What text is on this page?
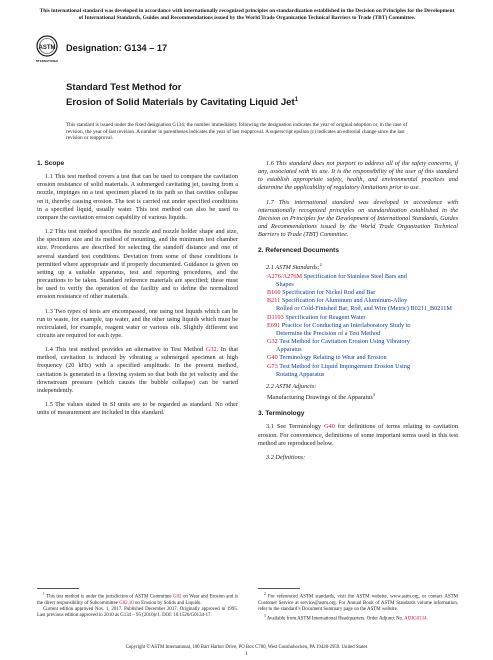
This international standard was developed in accordance with internationally recognized principles on standardization established in the Decision on Principles for the Development of International Standards, Guides and Recommendations issued by the World Trade Organization Technical Barriers to Trade (TBT) Committee.
ASTM
INTERNATIONAL
Designation: G134 – 17
Standard Test Method for
Erosion of Solid Materials by Cavitating Liquid Jet$^1$
This standard is issued under the fixed designation G134; the number immediately following the designation indicates the year of original adoption or, in the case of revision, the year of last revision. A number in parentheses indicates the year of last reapproval. A superscript epsilon (ε) indicates an editorial change since the last revision or reapproval.
1. Scope

1.1 This test method covers a test that can be used to compare the cavitation erosion resistance of solid materials. A submerged cavitating jet, issuing from a nozzle, impinges on a test specimen placed in its path so that cavities collapse on it, thereby causing erosion. The test is carried out under specified conditions in a specified liquid, usually water. This test method can also be used to compare the cavitation erosion capability of various liquids.

1.2 This test method specifies the nozzle and nozzle holder shape and size, the specimen size and its method of mounting, and the minimum test chamber size. Procedures are described for selecting the standoff distance and one of several standard test conditions. Deviation from some of these conditions is permitted where appropriate and if properly documented. Guidance is given on setting up a suitable apparatus, test and reporting procedures, and the precautions to be taken. Standard reference materials are specified; these must be used to verify the operation of the facility and to define the normalized erosion resistance of other materials.

1.3 Two types of tests are encompassed, one using test liquids which can be run to waste, for example, tap water, and the other using liquids which must be recirculated, for example, reagent water or various oils. Slightly different test circuits are required for each type.

1.4 This test method provides an alternative to Test Method G32. In that method, cavitation is induced by vibrating a submerged specimen at high frequency (20 kHz) with a specified amplitude. In the present method, cavitation is generated in a flowing system so that both the jet velocity and the downstream pressure (which causes the bubble collapse) can be varied independently.

1.5 The values stated in SI units are to be regarded as standard. No other units of measurement are included in this standard.

1.6 This standard does not purport to address all of the safety concerns, if any, associated with its use. It is the responsibility of the user of this standard to establish appropriate safety, health, and environmental practices and determine the applicability of regulatory limitations prior to use.

1.7 This international standard was developed in accordance with internationally recognized principles on standardization established in the Decision on Principles for the Development of International Standards, Guides and Recommendations issued by the World Trade Organization Technical Barriers to Trade (TBT) Committee.

2. Referenced Documents

2.1 ASTM Standards:$^2$

A276/A276M Specification for Stainless Steel Bars and
Shapes

B160 Specification for Nickel Rod and Bar

B211 Specification for Aluminum and Aluminum-Alloy
Rolled or Cold-Finished Bar, Rod, and Wire (Metric) B0211_B0211M

D1193 Specification for Reagent Water

E691 Practice for Conducting an Interlaboratory Study to
Determine the Precision of a Test Method

G32 Test Method for Cavitation Erosion Using Vibratory
Apparatus

G40 Terminology Relating to Wear and Erosion

G73 Test Method for Liquid Impingement Erosion Using
Rotating Apparatus

2.2 ASTM Adjuncts:

Manufacturing Drawings of the Apparatus$^3$

3. Terminology

3.1 See Terminology G40 for definitions of terms relating to cavitation erosion. For convenience, definitions of some important terms used in this test method are reproduced below.

3.2 Definitions:

$^1$ This test method is under the jurisdiction of ASTM Committee G02 on Wear and Erosion and is the direct responsibility of Subcommittee G02.10 on Erosion by Solids and Liquids.
Current edition approved Nov. 1, 2017. Published December 2017. Originally approved in 1995. Last previous edition approved in 2010 as G134 – 95 (2010)ε1. DOI: 10.1520/G0134-17.
$^2$ For referenced ASTM standards, visit the ASTM website, www.astm.org, or contact ASTM Customer Service at service@astm.org. For Annual Book of ASTM Standards volume information, refer to the standard’s Document Summary page on the ASTM website.
$^3$ Available from ASTM International Headquarters. Order Adjunct No. ADJG0134.
Copyright © ASTM International, 100 Barr Harbor Drive, PO Box C700, West Conshohocken, PA 19428-2959. United States
1
